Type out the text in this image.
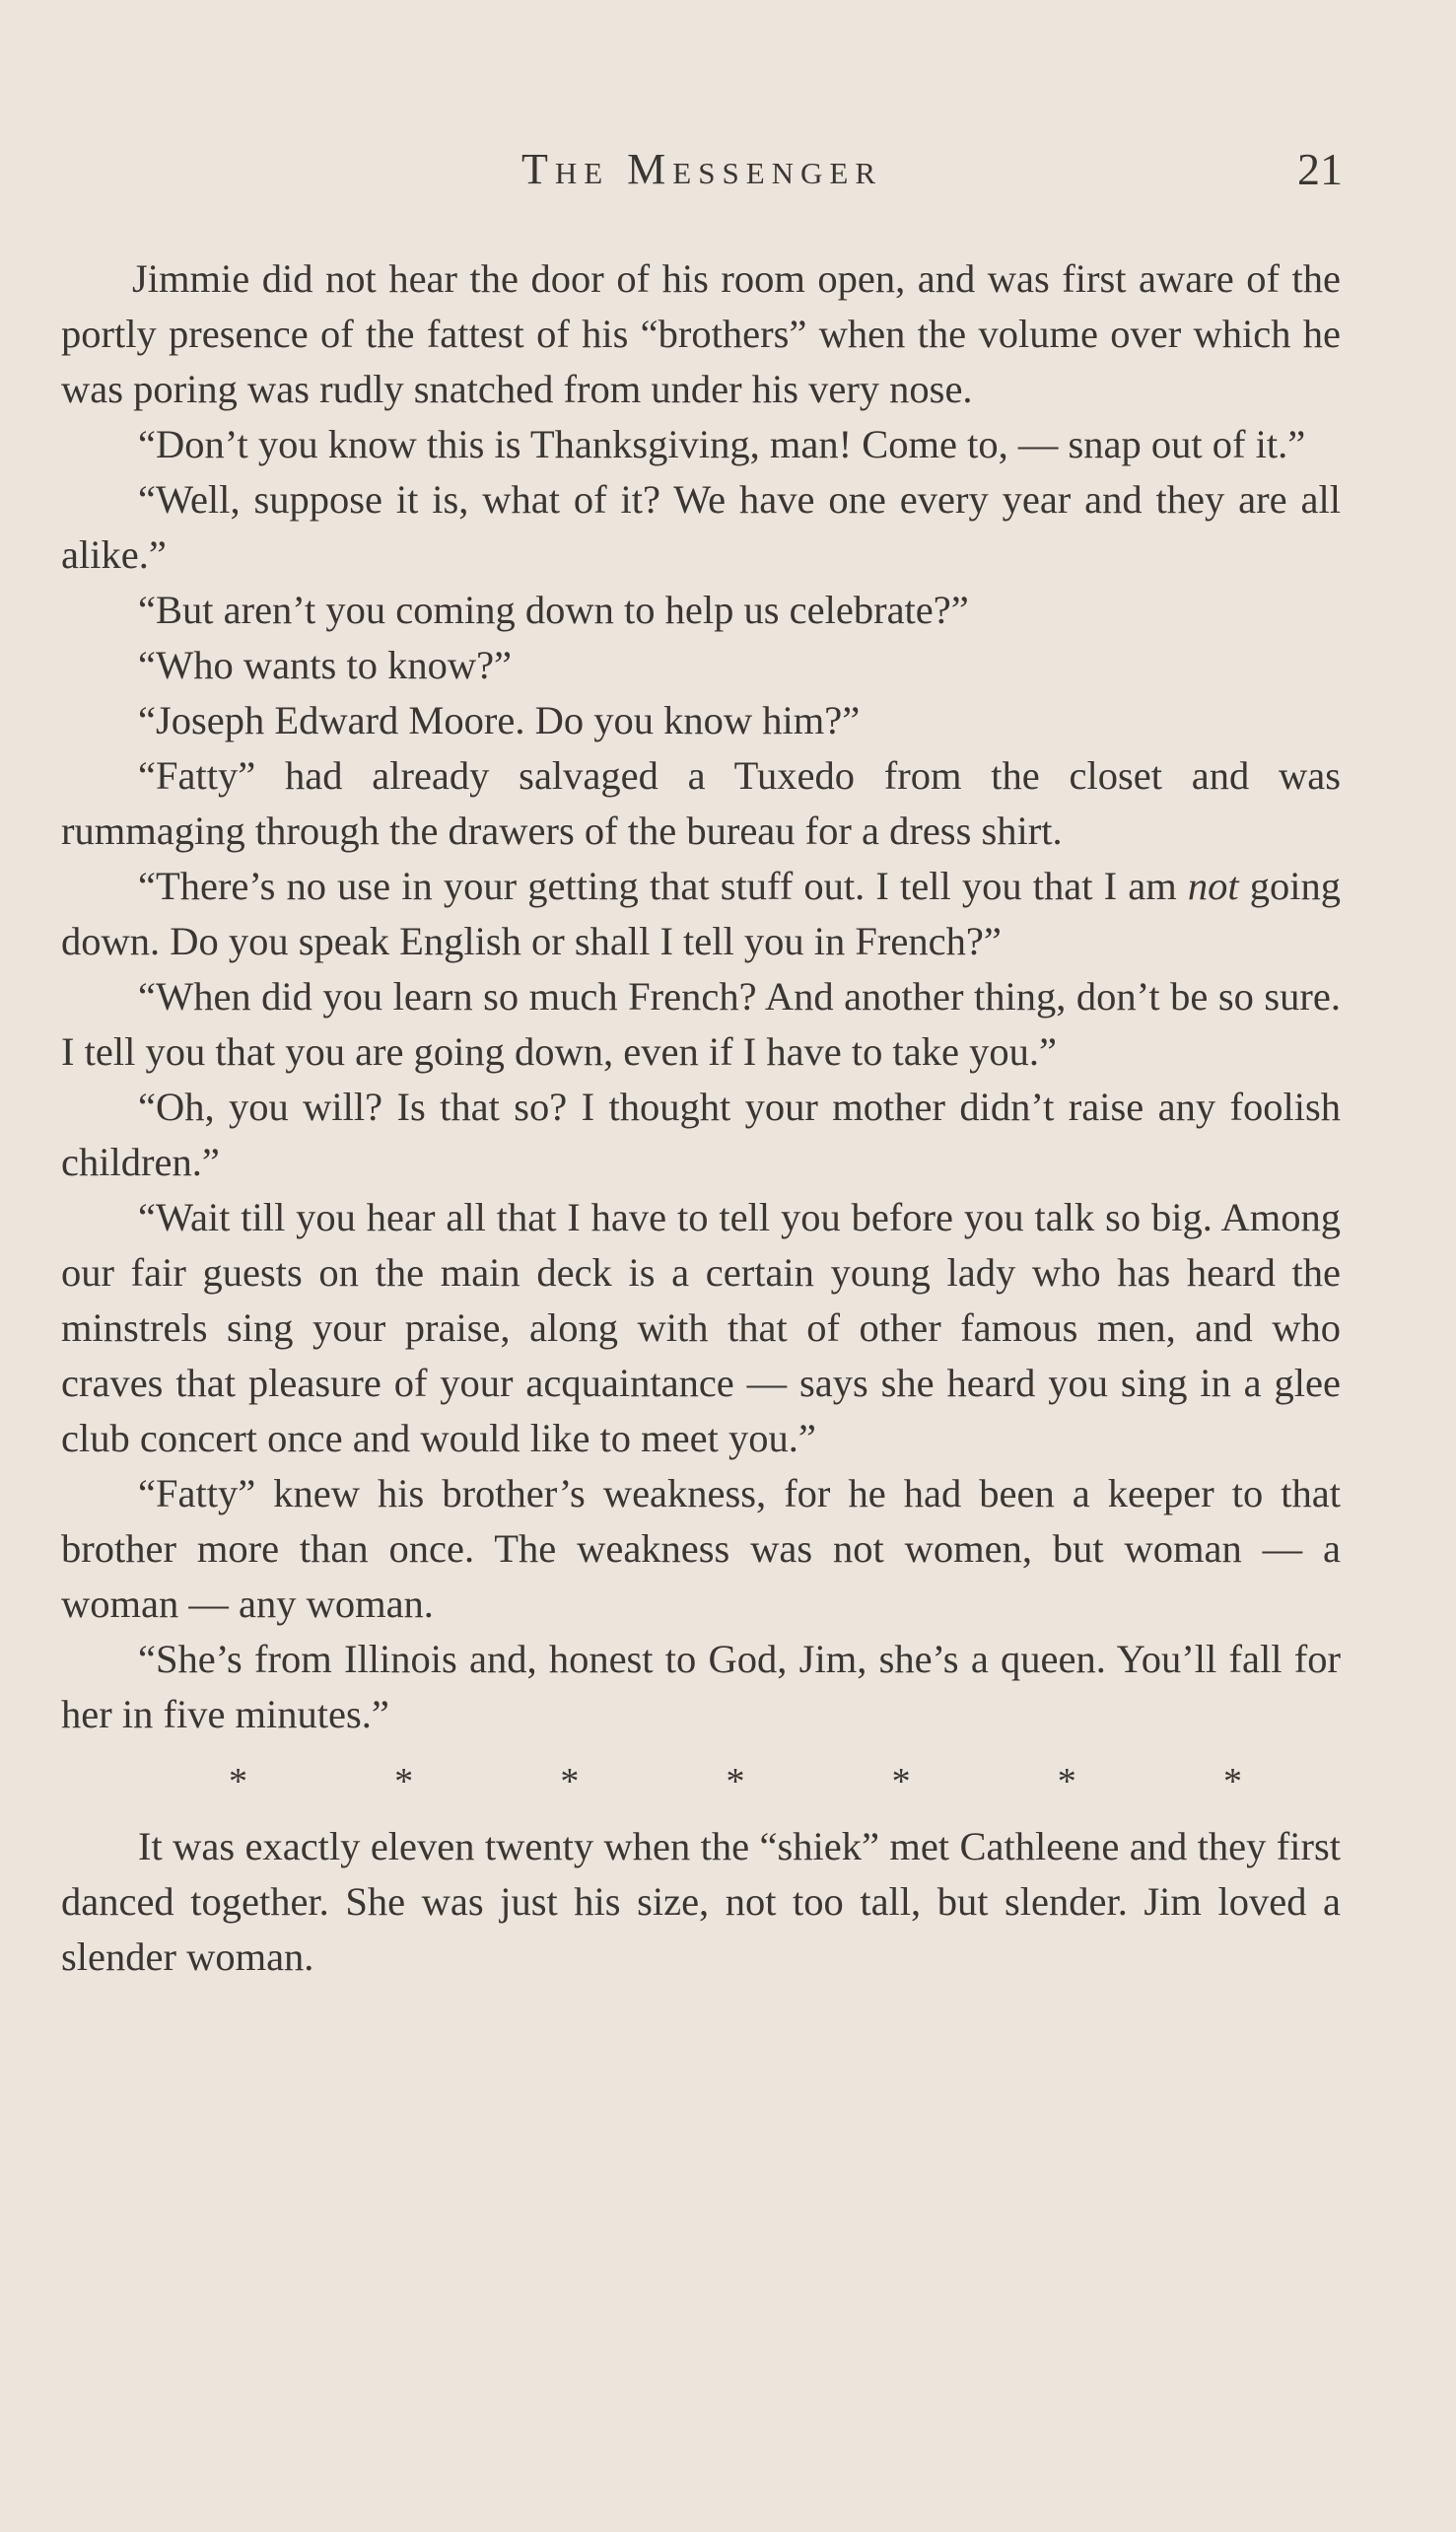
The Messenger	21

Jimmie did not hear the door of his room open, and was first aware of the portly presence of the fattest of his “brothers” when the volume over which he was poring was rudly snatched from under his very nose.

“Don’t you know this is Thanksgiving, man! Come to, — snap out of it.”

“Well, suppose it is, what of it? We have one every year and they are all alike.”

“But aren’t you coming down to help us celebrate?”

“Who wants to know?”

“Joseph Edward Moore. Do you know him?”

“Fatty” had already salvaged a Tuxedo from the closet and was rummaging through the drawers of the bureau for a dress shirt.

“There’s no use in your getting that stuff out. I tell you that I am not going down. Do you speak English or shall I tell you in French?”

“When did you learn so much French? And another thing, don’t be so sure. I tell you that you are going down, even if I have to take you.”

“Oh, you will? Is that so? I thought your mother didn’t raise any foolish children.”

“Wait till you hear all that I have to tell you before you talk so big. Among our fair guests on the main deck is a certain young lady who has heard the minstrels sing your praise, along with that of other famous men, and who craves that pleasure of your acquaintance — says she heard you sing in a glee club concert once and would like to meet you.”

“Fatty” knew his brother’s weakness, for he had been a keeper to that brother more than once. The weakness was not women, but woman — a woman — any woman.

“She’s from Illinois and, honest to God, Jim, she’s a queen. You’ll fall for her in five minutes.”

*	*	*	*	*	*	*

It was exactly eleven twenty when the “shiek” met Cathleene and they first danced together. She was just his size, not too tall, but slender. Jim loved a slender woman.
